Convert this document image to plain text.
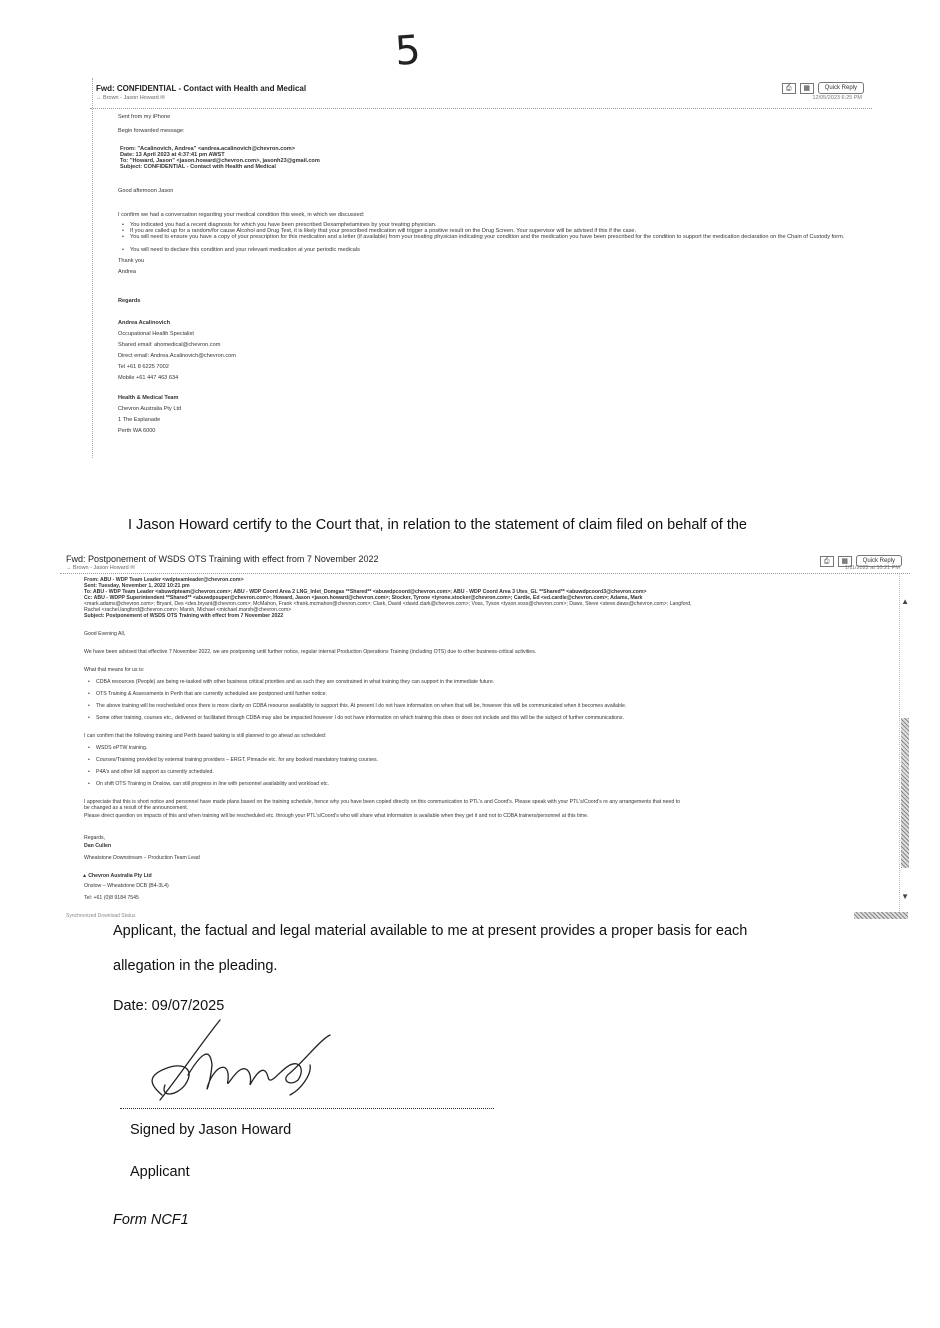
5
Fwd: CONFIDENTIAL - Contact with Health and Medical
→ Brown - Jason Howard ✉	12/05/2023 6:25 PM
⎙	▦	Quick Reply
Sent from my iPhone
Begin forwarded message:
From: "Acalinovich, Andrea" <andrea.acalinovich@chevron.com>
Date: 13 April 2023 at 4:37:41 pm AWST
To: "Howard, Jason" <jason.howard@chevron.com>, jasonh23@gmail.com
Subject: CONFIDENTIAL - Contact with Health and Medical
Good afternoon Jason
I confirm we had a conversation regarding your medical condition this week, in which we discussed:
• You indicated you had a recent diagnosis for which you have been prescribed Dexamphetamines by your treating physician.
• If you are called up for a random/for cause Alcohol and Drug Test, it is likely that your prescribed medication will trigger a positive result on the Drug Screen. Your supervisor will be advised if this if the case.
• You will need to ensure you have a copy of your prescription for this medication and a letter (if available) from your treating physician indicating your condition and the medication you have been prescribed for the condition to support the medication declaration on the Chain of Custody form.
• You will need to declare this condition and your relevant medication at your periodic medicals
Thank you
Andrea
Regards
Andrea Acalinovich
Occupational Health Specialist
Shared email: ahomedical@chevron.com
Direct email: Andrea.Acalinovich@chevron.com
Tel +61 8 6225 7002
Mobile +61 447 463 634
Health & Medical Team
Chevron Australia Pty Ltd
1 The Esplanade
Perth WA 6000
I Jason Howard certify to the Court that, in relation to the statement of claim filed on behalf of the
Fwd: Postponement of WSDS OTS Training with effect from 7 November 2022
→ Brown - Jason Howard ✉	1/11/2022 at 10:21 PM
⎙	▦	Quick Reply
From: ABU - WDP Team Leader <wdpteamleader@chevron.com>
Sent: Tuesday, November 1, 2022 10:21 pm
To: ABU - WDP Team Leader <abuwdpteam@chevron.com>; ABU - WDP Coord Area 2 LNG_Inlet_Domgas **Shared** <abuwdpcoord@chevron.com>; ABU - WDP Coord Area 3 Utes_GL **Shared** <abuwdpcoord3@chevron.com>
Cc: ABU - WDPP Superintendent **Shared** <abuwdpsuper@chevron.com>; Howard, Jason <jason.howard@chevron.com>; Stocker, Tyrone <tyrone.stocker@chevron.com>; Cardie, Ed <ed.cardie@chevron.com>; Adams, Mark
<mark.adams@chevron.com>; Bryant, Des <des.bryant@chevron.com>; McMahon, Frank <frank.mcmahon@chevron.com>; Clark, David <david.clark@chevron.com>; Voss, Tyson <tyson.voss@chevron.com>; Daws, Steve <steve.daws@chevron.com>; Langford,
Rachel <rachel.langford@chevron.com>; Marsh, Michael <michael.marsh@chevron.com>
Subject: Postponement of WSDS OTS Training with effect from 7 November 2022
Good Evening All,
We have been advised that effective 7 November 2022, we are postponing until further notice, regular internal Production Operations Training (including OTS) due to other business-critical activities.
What that means for us is:
• CDBA resources (People) are being re-tasked with other business critical priorities and as such they are constrained in what training they can support in the immediate future.
• OTS Training & Assessments in Perth that are currently scheduled are postponed until further notice.
• The above training will be rescheduled once there is more clarity on CDBA resource availability to support this. At present I do not have information on when that will be, however this will be communicated when it becomes available.
• Some other training, courses etc., delivered or facilitated through CDBA may also be impacted however I do not have information on which training this does or does not include and this will be the subject of further communications.
I can confirm that the following training and Perth based tasking is still planned to go ahead as scheduled:
• WSDS ePTW training.
• Courses/Training provided by external training providers – ERGT, Pinnacle etc. for any booked mandatory training courses.
• P4A's and other kill support as currently scheduled.
• On shift OTS Training in Onslow, can still progress in line with personnel availability and workload etc.
I appreciate that this is short notice and personnel have made plans based on the training schedule, hence why you have been copied directly on this communication to PTL's and Coord's. Please speak with your PTL's/Coord's re any arrangements that need to
be changed as a result of the announcement.
Please direct question on impacts of this and when training will be rescheduled etc. through your PTL's/Coord's who will share what information is available when they get it and not to CDBA trainers/personnel at this time.
Regards,
Dan Cullen
Wheatstone Downstream – Production Team Lead
▲ Chevron Australia Pty Ltd
Onslow – Wheatstone DCB (B4-3L4)
Tel: +61 (0)8 9184 7545
▲
▼
Synchronized Download Status
Applicant, the factual and legal material available to me at present provides a proper basis for each
allegation in the pleading.
Date: 09/07/2025
Signed by Jason Howard
Applicant
Form NCF1
